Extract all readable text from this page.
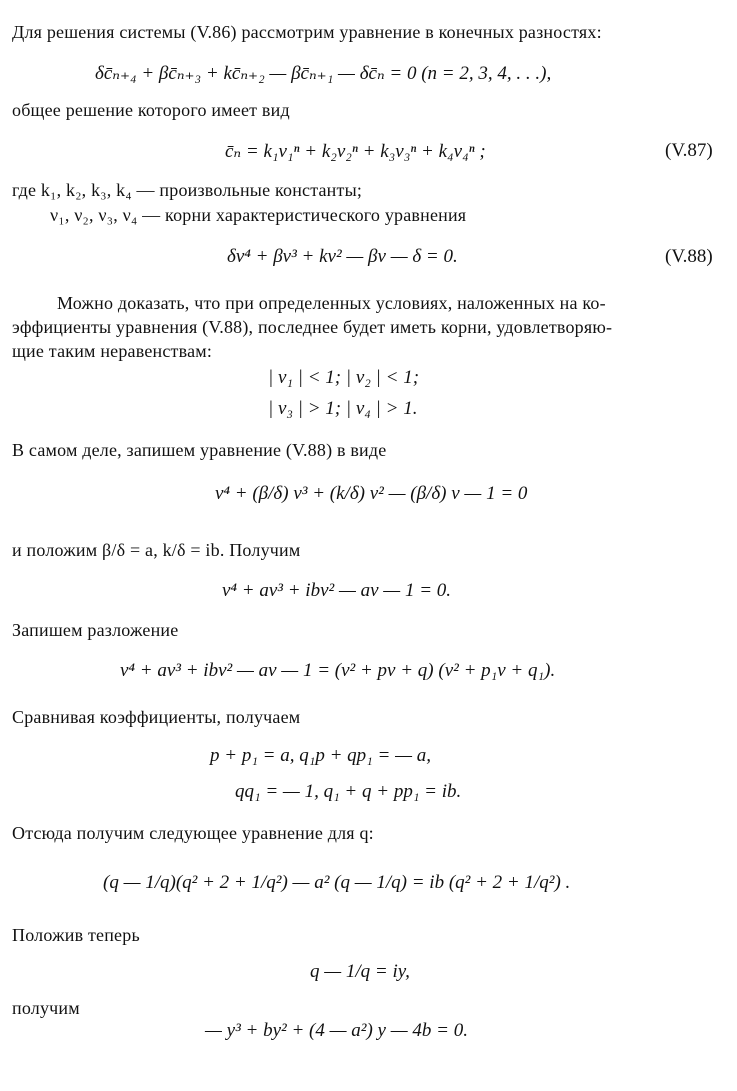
Для решения системы (V.86) рассмотрим уравнение в конечных разностях:
δc̄ₙ₊₄ + βc̄ₙ₊₃ + kc̄ₙ₊₂ — βc̄ₙ₊₁ — δc̄ₙ = 0 (n = 2, 3, 4, . . .),
общее решение которого имеет вид
c̄ₙ = k₁ν₁ⁿ + k₂ν₂ⁿ + k₃ν₃ⁿ + k₄ν₄ⁿ ;	(V.87)
где k₁, k₂, k₃, k₄ — произвольные константы;
ν₁, ν₂, ν₃, ν₄ — корни характеристического уравнения
δν⁴ + βν³ + kν² — βν — δ = 0.	(V.88)
Можно доказать, что при определенных условиях, наложенных на ко-
эффициенты уравнения (V.88), последнее будет иметь корни, удовлетворяю-
щие таким неравенствам:
| ν₁ | < 1; | ν₂ | < 1;
| ν₃ | > 1; | ν₄ | > 1.
В самом деле, запишем уравнение (V.88) в виде
ν⁴ + (β/δ) ν³ + (k/δ) ν² — (β/δ) ν — 1 = 0
и положим β/δ = a, k/δ = ib. Получим
ν⁴ + aν³ + ibν² — aν — 1 = 0.
Запишем разложение
ν⁴ + aν³ + ibν² — aν — 1 = (ν² + pν + q) (ν² + p₁ν + q₁).
Сравнивая коэффициенты, получаем
p + p₁ = a, q₁p + qp₁ = — a,
qq₁ = — 1, q₁ + q + pp₁ = ib.
Отсюда получим следующее уравнение для q:
(q — 1/q)(q² + 2 + 1/q²) — a² (q — 1/q) = ib (q² + 2 + 1/q²) .
Положив теперь
q — 1/q = iy,
получим
— y³ + by² + (4 — a²) y — 4b = 0.
